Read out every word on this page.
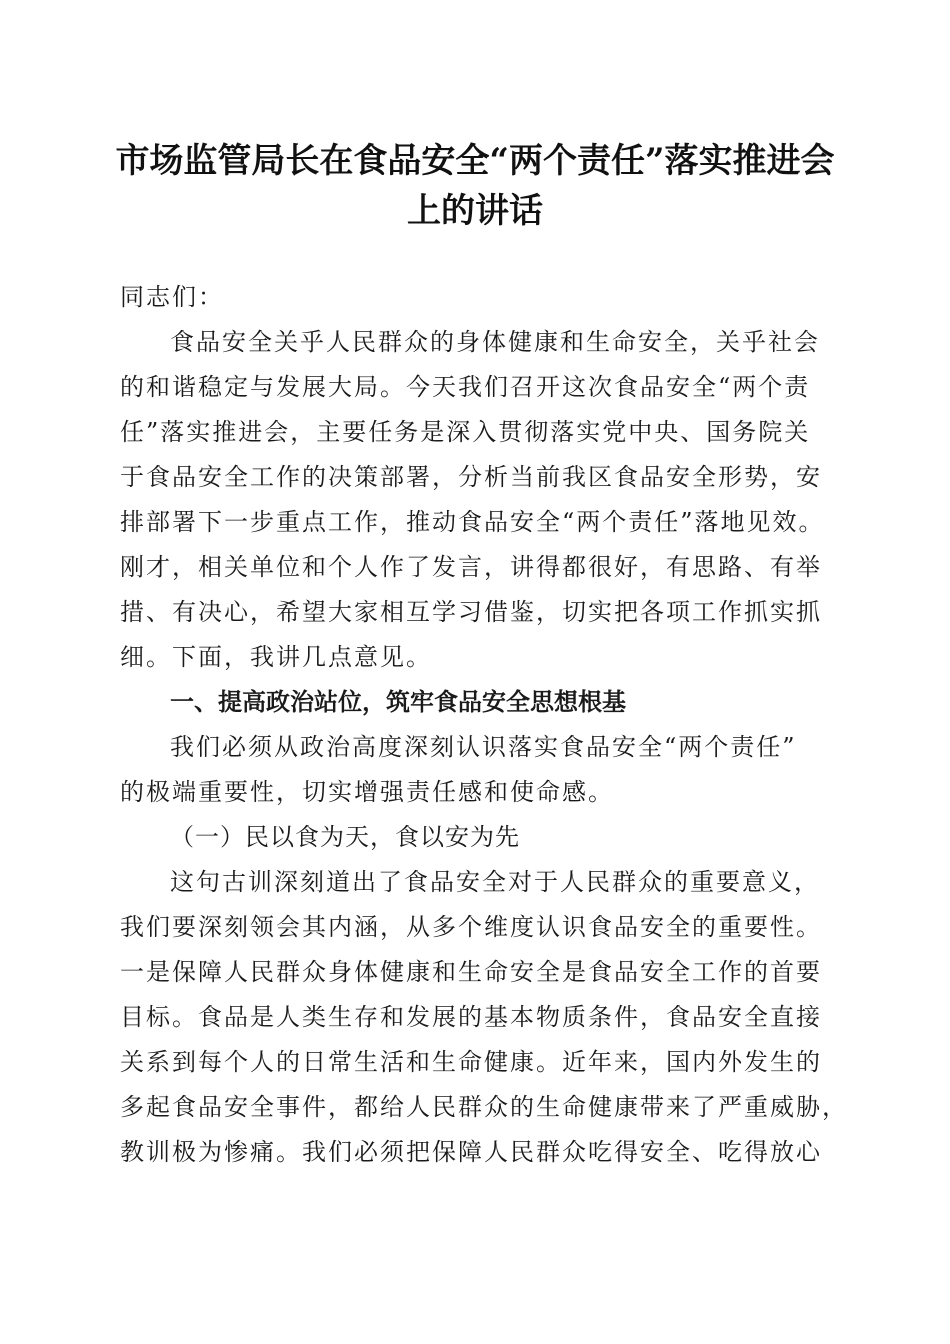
市场监管局长在食品安全“两个责任”落实推进会上的讲话

同志们：

食品安全关乎人民群众的身体健康和生命安全，关乎社会

的和谐稳定与发展大局。今天我们召开这次食品安全“两个责

任”落实推进会，主要任务是深入贯彻落实党中央、国务院关

于食品安全工作的决策部署，分析当前我区食品安全形势，安

排部署下一步重点工作，推动食品安全“两个责任”落地见效。

刚才，相关单位和个人作了发言，讲得都很好，有思路、有举

措、有决心，希望大家相互学习借鉴，切实把各项工作抓实抓

细。下面，我讲几点意见。

一、提高政治站位，筑牢食品安全思想根基

我们必须从政治高度深刻认识落实食品安全“两个责任”

的极端重要性，切实增强责任感和使命感。

（一）民以食为天，食以安为先

这句古训深刻道出了食品安全对于人民群众的重要意义，

我们要深刻领会其内涵，从多个维度认识食品安全的重要性。

一是保障人民群众身体健康和生命安全是食品安全工作的首要

目标。食品是人类生存和发展的基本物质条件，食品安全直接

关系到每个人的日常生活和生命健康。近年来，国内外发生的

多起食品安全事件，都给人民群众的生命健康带来了严重威胁，

教训极为惨痛。我们必须把保障人民群众吃得安全、吃得放心
